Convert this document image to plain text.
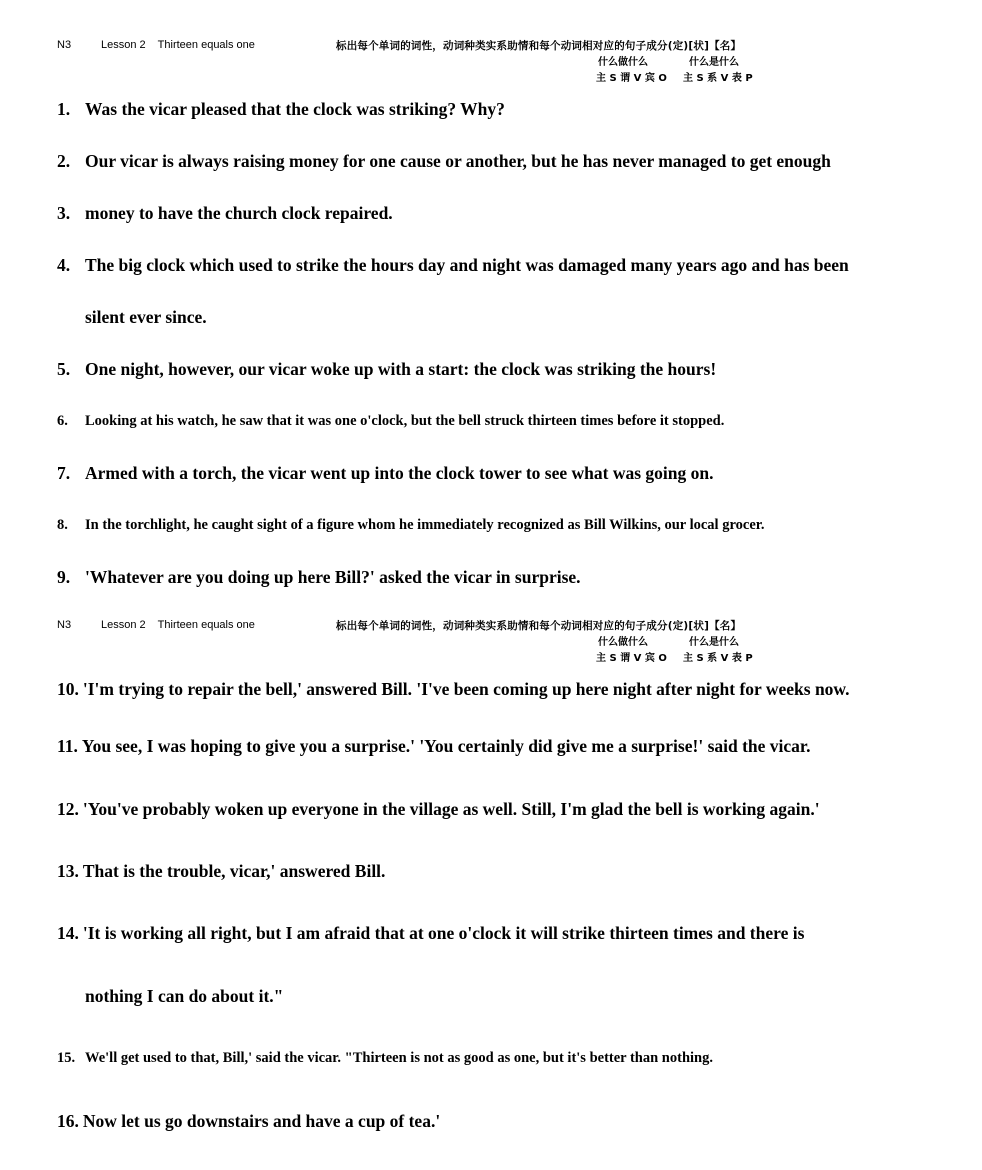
N3	Lesson 2    Thirteen equals one	标出每个单词的词性，动词种类实系助情和每个动词相对应的句子成分(定)[状]【名】
什么做什么	什么是什么
主 S 谓 V 宾 O 主 S 系 V 表 P
1. Was the vicar pleased that the clock was striking? Why?
2. Our vicar is always raising money for one cause or another, but he has never managed to get enough
3. money to have the church clock repaired.
4. The big clock which used to strike the hours day and night was damaged many years ago and has been
silent ever since.
5. One night, however, our vicar woke up with a start: the clock was striking the hours!
6. Looking at his watch, he saw that it was one o'clock, but the bell struck thirteen times before it stopped.
7. Armed with a torch, the vicar went up into the clock tower to see what was going on.
8. In the torchlight, he caught sight of a figure whom he immediately recognized as Bill Wilkins, our local grocer.
9. 'Whatever are you doing up here Bill?' asked the vicar in surprise.
N3	Lesson 2    Thirteen equals one	标出每个单词的词性，动词种类实系助情和每个动词相对应的句子成分(定)[状]【名】
什么做什么	什么是什么
主 S 谓 V 宾 O 主 S 系 V 表 P
10. 'I'm trying to repair the bell,' answered Bill. 'I've been coming up here night after night for weeks now.
11. You see, I was hoping to give you a surprise.' 'You certainly did give me a surprise!' said the vicar.
12. 'You've probably woken up everyone in the village as well. Still, I'm glad the bell is working again.'
13. That is the trouble, vicar,' answered Bill.
14. 'It is working all right, but I am afraid that at one o'clock it will strike thirteen times and there is
nothing I can do about it."
15. We'll get used to that, Bill,' said the vicar. "Thirteen is not as good as one, but it's better than nothing.
16. Now let us go downstairs and have a cup of tea.'
